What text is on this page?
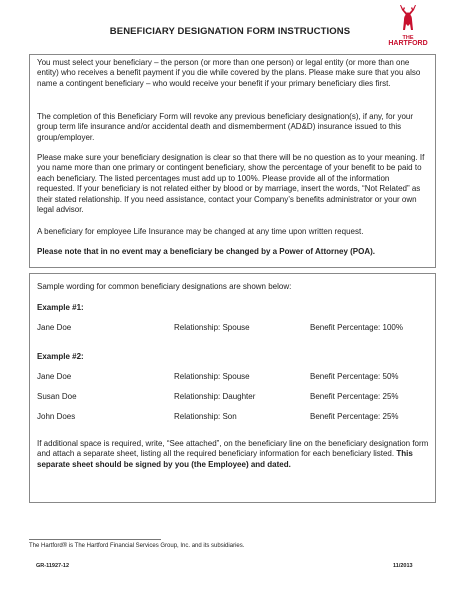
BENEFICIARY DESIGNATION FORM INSTRUCTIONS
THE
HARTFORD
You must select your beneficiary – the person (or more than one person) or legal entity (or more than one entity) who receives a benefit payment if you die while covered by the plans. Please make sure that you also name a contingent beneficiary – who would receive your benefit if your primary beneficiary dies first.
The completion of this Beneficiary Form will revoke any previous beneficiary designation(s), if any, for your group term life insurance and/or accidental death and dismemberment (AD&D) insurance issued to this group/employer.
Please make sure your beneficiary designation is clear so that there will be no question as to your meaning. If you name more than one primary or contingent beneficiary, show the percentage of your benefit to be paid to each beneficiary. The listed percentages must add up to 100%. Please provide all of the information requested. If your beneficiary is not related either by blood or by marriage, insert the words, “Not Related” as their stated relationship. If you need assistance, contact your Company’s benefits administrator or your own legal advisor.
A beneficiary for employee Life Insurance may be changed at any time upon written request.
Please note that in no event may a beneficiary be changed by a Power of Attorney (POA).
Sample wording for common beneficiary designations are shown below:
Example #1:
Jane Doe	Relationship: Spouse	Benefit Percentage: 100%
Example #2:
Jane Doe	Relationship: Spouse	Benefit Percentage: 50%
Susan Doe	Relationship: Daughter	Benefit Percentage: 25%
John Does	Relationship: Son	Benefit Percentage: 25%
If additional space is required, write, “See attached”, on the beneficiary line on the beneficiary designation form and attach a separate sheet, listing all the required beneficiary information for each beneficiary listed. This separate sheet should be signed by you (the Employee) and dated.
The Hartford® is The Hartford Financial Services Group, Inc. and its subsidiaries.
GR-11927-12	11/2013
